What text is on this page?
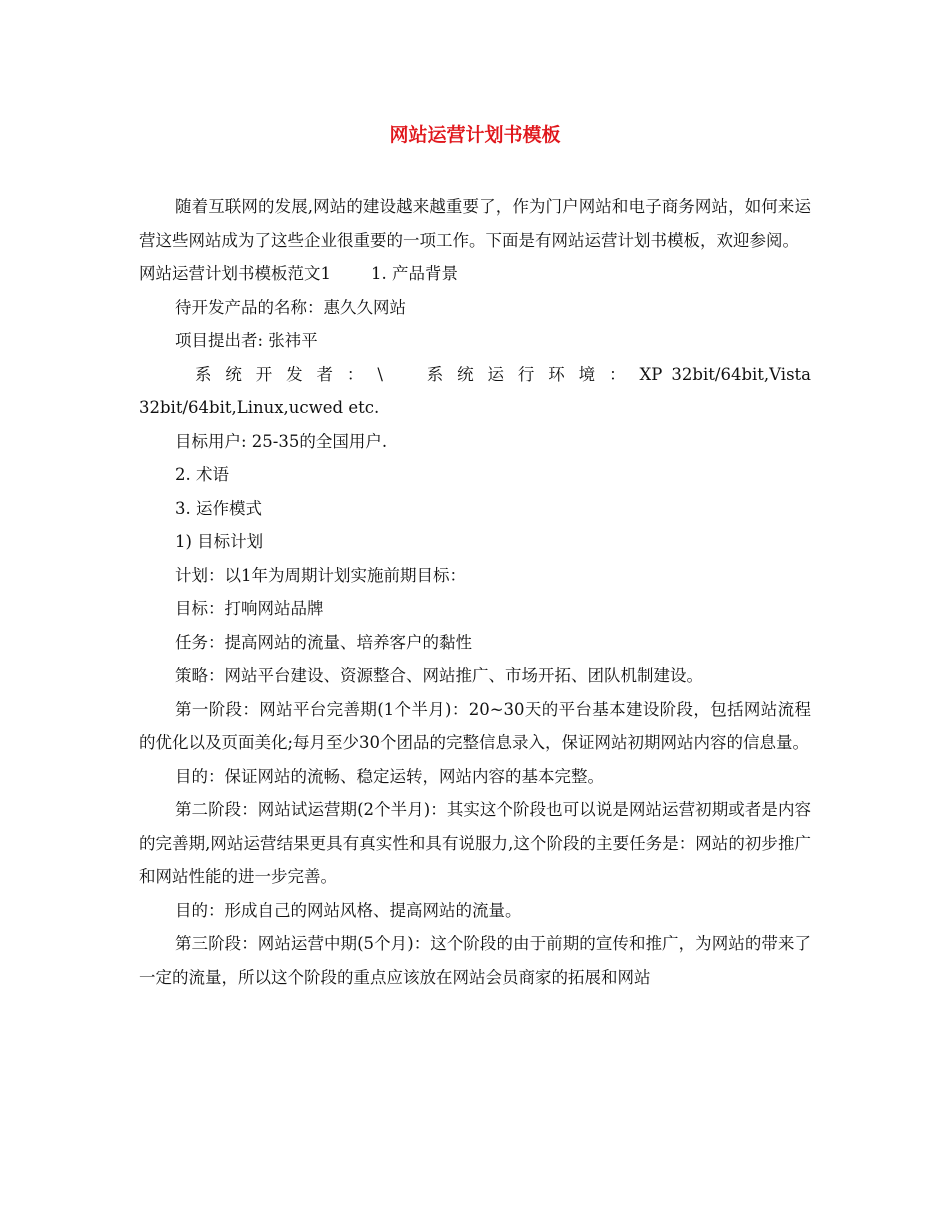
网站运营计划书模板

随着互联网的发展,网站的建设越来越重要了，作为门户网站和电子商务网站，如何来运营这些网站成为了这些企业很重要的一项工作。下面是有网站运营计划书模板，欢迎参阅。

网站运营计划书模板范文1 1. 产品背景

待开发产品的名称：惠久久网站

项目提出者: 张祎平

系统开发者：\ 系统运行环境：XP 32bit/64bit,Vista 32bit/64bit,Linux,ucwed etc.

目标用户: 25-35的全国用户.

2. 术语

3. 运作模式

1) 目标计划

计划：以1年为周期计划实施前期目标：

目标：打响网站品牌

任务：提高网站的流量、培养客户的黏性

策略：网站平台建设、资源整合、网站推广、市场开拓、团队机制建设。

第一阶段：网站平台完善期(1个半月)：20~30天的平台基本建设阶段，包括网站流程的优化以及页面美化;每月至少30个团品的完整信息录入，保证网站初期网站内容的信息量。

目的：保证网站的流畅、稳定运转，网站内容的基本完整。

第二阶段：网站试运营期(2个半月)：其实这个阶段也可以说是网站运营初期或者是内容的完善期,网站运营结果更具有真实性和具有说服力,这个阶段的主要任务是：网站的初步推广和网站性能的进一步完善。

目的：形成自己的网站风格、提高网站的流量。

第三阶段：网站运营中期(5个月)：这个阶段的由于前期的宣传和推广，为网站的带来了一定的流量，所以这个阶段的重点应该放在网站会员商家的拓展和网站
